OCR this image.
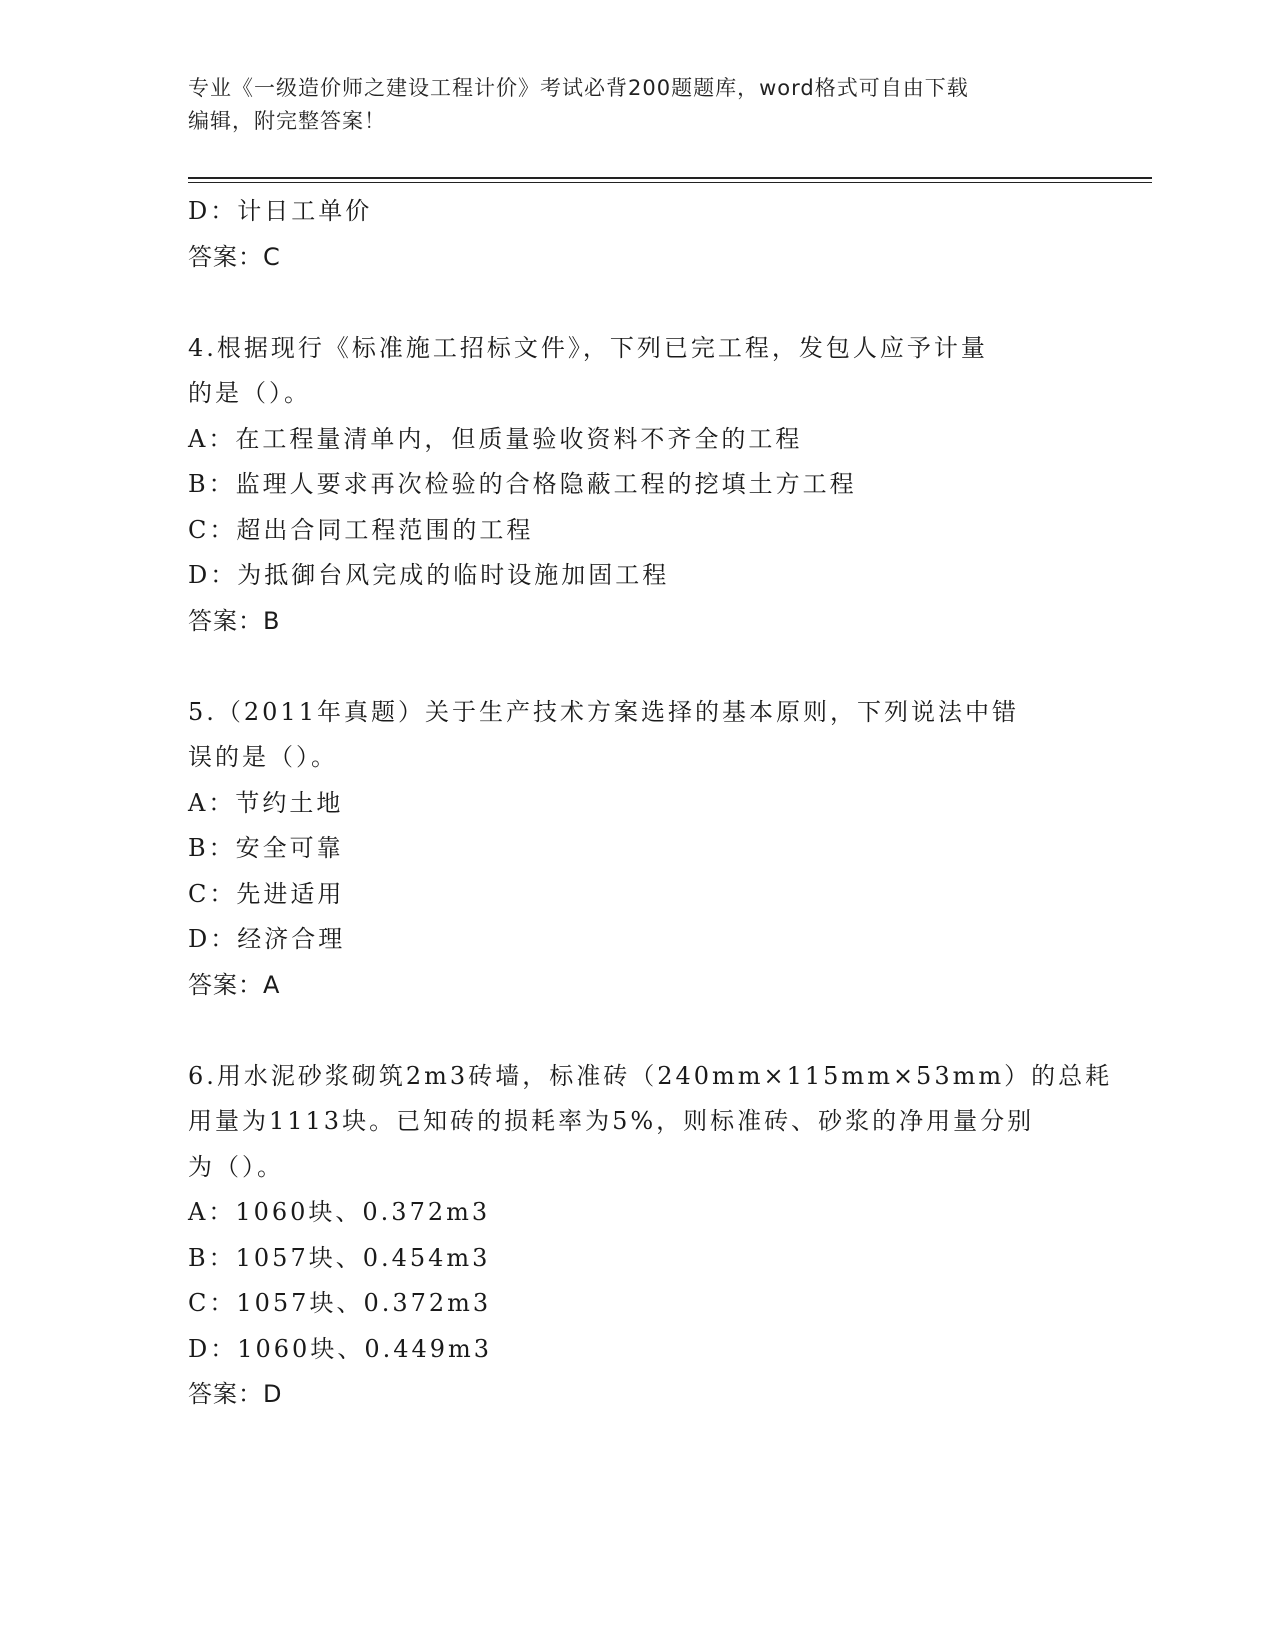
专业《一级造价师之建设工程计价》考试必背200题题库，word格式可自由下载
编辑，附完整答案！
D：计日工单价
答案：C
4.根据现行《标准施工招标文件》，下列已完工程，发包人应予计量
的是（）。
A：在工程量清单内，但质量验收资料不齐全的工程
B：监理人要求再次检验的合格隐蔽工程的挖填土方工程
C：超出合同工程范围的工程
D：为抵御台风完成的临时设施加固工程
答案：B
5.（2011年真题）关于生产技术方案选择的基本原则，下列说法中错
误的是（）。
A：节约土地
B：安全可靠
C：先进适用
D：经济合理
答案：A
6.用水泥砂浆砌筑2m3砖墙，标准砖（240mm×115mm×53mm）的总耗
用量为1113块。已知砖的损耗率为5%，则标准砖、砂浆的净用量分别
为（）。
A：1060块、0.372m3
B：1057块、0.454m3
C：1057块、0.372m3
D：1060块、0.449m3
答案：D
